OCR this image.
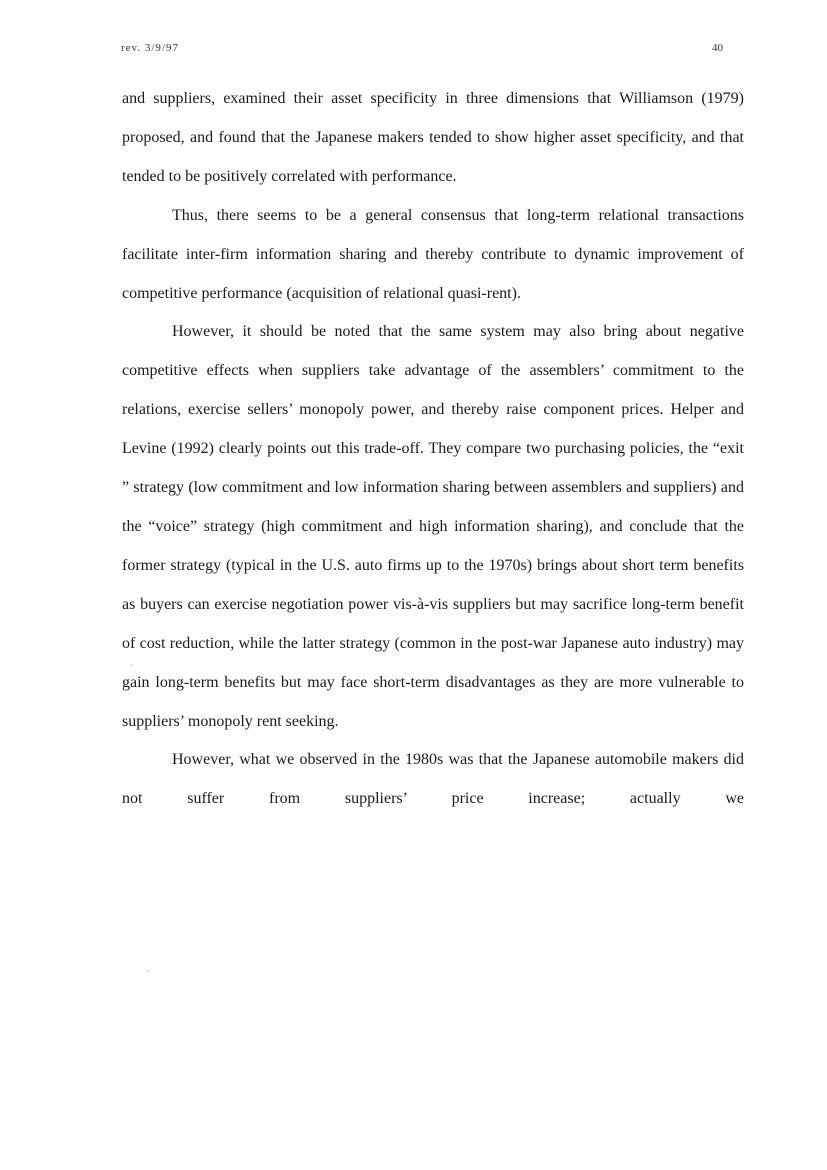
rev. 3/9/97	40

and suppliers, examined their asset specificity in three dimensions that Williamson (1979) proposed, and found that the Japanese makers tended to show higher asset specificity, and that tended to be positively correlated with performance.

Thus, there seems to be a general consensus that long-term relational transactions facilitate inter-firm information sharing and thereby contribute to dynamic improvement of competitive performance (acquisition of relational quasi-rent).

However, it should be noted that the same system may also bring about negative competitive effects when suppliers take advantage of the assemblers’ commitment to the relations, exercise sellers’ monopoly power, and thereby raise component prices. Helper and Levine (1992) clearly points out this trade-off. They compare two purchasing policies, the “exit ” strategy (low commitment and low information sharing between assemblers and suppliers) and the “voice” strategy (high commitment and high information sharing), and conclude that the former strategy (typical in the U.S. auto firms up to the 1970s) brings about short term benefits as buyers can exercise negotiation power vis-à-vis suppliers but may sacrifice long-term benefit of cost reduction, while the latter strategy (common in the post-war Japanese auto industry) may gain long-term benefits but may face short-term disadvantages as they are more vulnerable to suppliers’ monopoly rent seeking.

However, what we observed in the 1980s was that the Japanese automobile makers did not suffer from suppliers’ price increase; actually we

·
·
